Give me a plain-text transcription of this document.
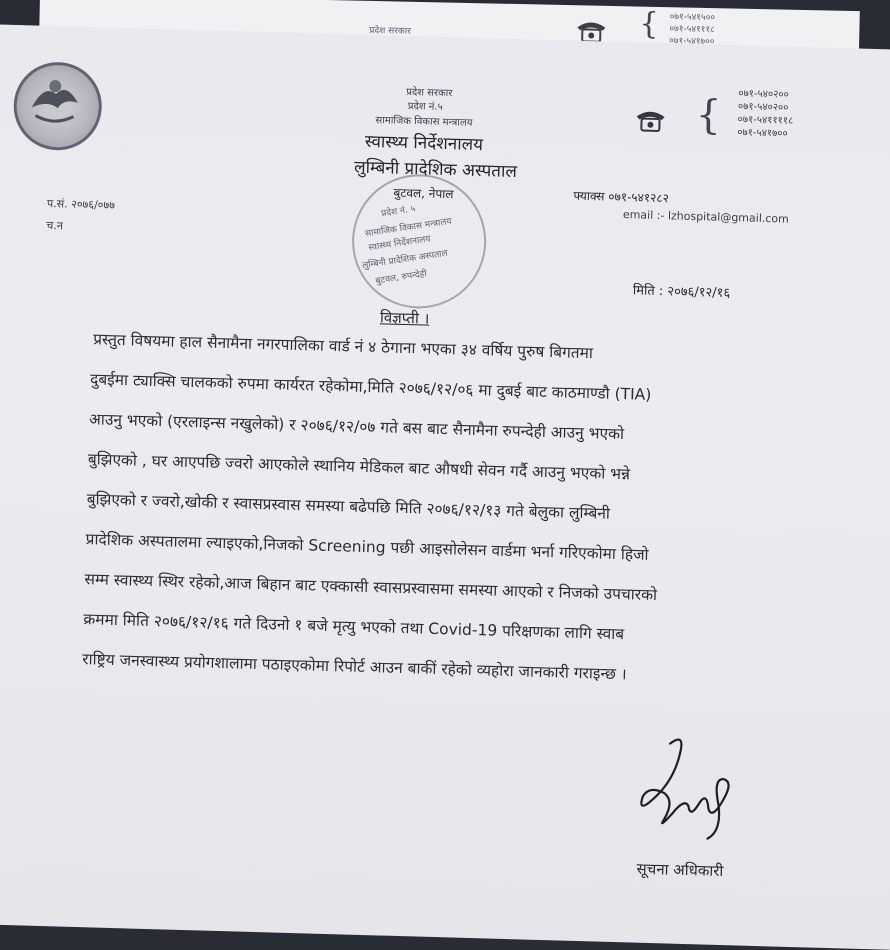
प्रदेश सरकार	{ ०७१-५४१५००
०७१-५४१११८
०७१-५४१७००
प्रदेश सरकार
प्रदेश नं.५
सामाजिक विकास मन्त्रालय
स्वास्थ्य निर्देशनालय
लुम्बिनी प्रादेशिक अस्पताल
बुटवल, नेपाल
{ ०७१-५४०२००
०७१-५४०२००
०७१-५४११११८
०७१-५४१७००
फ्याक्स ०७१-५४१२८२
email :- lzhospital@gmail.com
प.सं. २०७६/०७७
च.न
प्रदेश नं. ५
सामाजिक विकास मन्त्रालय
स्वास्थ्य निर्देशनालय
लुम्बिनी प्रादेशिक अस्पताल
बुटवल, रुपन्देही
मिति : २०७६/१२/१६
विज्ञप्ती ।
प्रस्तुत विषयमा हाल सैनामैना नगरपालिका वार्ड नं ४ ठेगाना भएका ३४ वर्षिय पुरुष बिगतमा
दुबईमा ट्याक्सि चालकको रुपमा कार्यरत रहेकोमा,मिति २०७६/१२/०६ मा दुबई बाट काठमाण्डौ (TIA)
आउनु भएको (एरलाइन्स नखुलेको) र २०७६/१२/०७ गते बस बाट सैनामैना रुपन्देही आउनु भएको
बुझिएको , घर आएपछि ज्वरो आएकोले स्थानिय मेडिकल बाट औषधी सेवन गर्दै आउनु भएको भन्ने
बुझिएको र ज्वरो,खोकी र स्वासप्रस्वास समस्या बढेपछि मिति २०७६/१२/१३ गते बेलुका लुम्बिनी
प्रादेशिक अस्पतालमा ल्याइएको,निजको Screening पछी आइसोलेसन वार्डमा भर्ना गरिएकोमा हिजो
सम्म स्वास्थ्य स्थिर रहेको,आज बिहान बाट एक्कासी स्वासप्रस्वासमा समस्या आएको र निजको उपचारको
क्रममा मिति २०७६/१२/१६ गते दिउनो १ बजे मृत्यु भएको तथा Covid-19 परिक्षणका लागि स्वाब
राष्ट्रिय जनस्वास्थ्य प्रयोगशालामा पठाइएकोमा रिपोर्ट आउन बाकीं रहेको व्यहोरा जानकारी गराइन्छ ।
सूचना अधिकारी
